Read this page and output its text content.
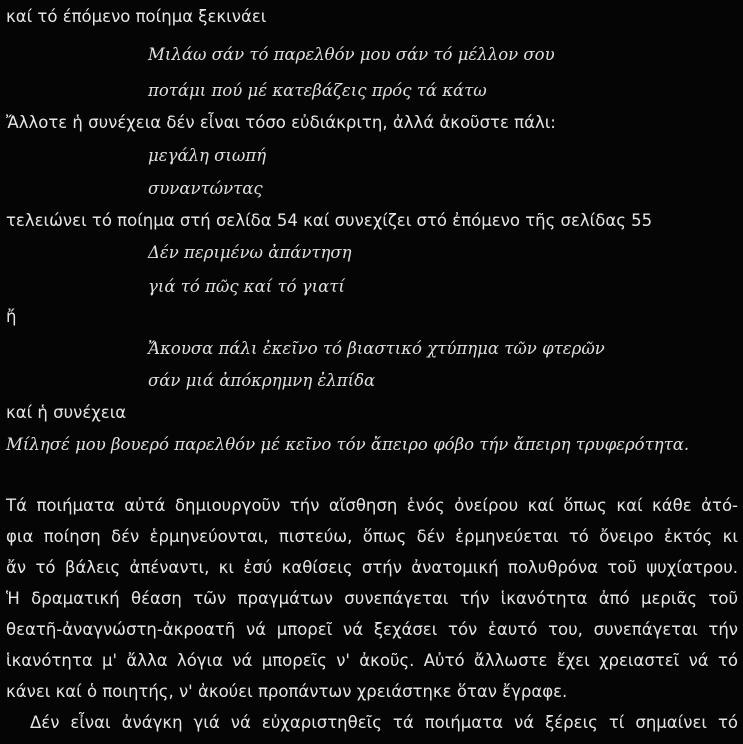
καί τό έπόμενο ποίημα ξεκινάει
Μιλάω σάν τό παρελθόν μου σάν τό μέλλον σου
ποτάμι πού μέ κατεβάζεις πρός τά κάτω
Ἄλλοτε ἡ συνέχεια δέν εἶναι τόσο εὐδιάκριτη, ἀλλά ἀκοῦστε πάλι:
μεγάλη σιωπή
συναντώντας
τελειώνει τό ποίημα στή σελίδα 54 καί συνεχίζει στό ἐπόμενο τῆς σελίδας 55
Δέν περιμένω ἀπάντηση
γιά τό πῶς καί τό γιατί
ἤ
Ἄκουσα πάλι ἐκεῖνο τό βιαστικό χτύπημα τῶν φτερῶν
σάν μιά ἀπόκρημνη ἐλπίδα
καί ἡ συνέχεια
Μίλησέ μου βουερό παρελθόν μέ κεῖνο τόν ἄπειρο φόβο τήν ἄπειρη τρυφερότητα.
Τά ποιήματα αὐτά δημιουργοῦν τήν αἴσθηση ἑνός ὀνείρου καί ὅπως καί κάθε ἀτό-
φια ποίηση δέν ἑρμηνεύονται, πιστεύω, ὅπως δέν ἑρμηνεύεται τό ὄνειρο ἐκτός κι
ἄν τό βάλεις ἀπέναντι, κι ἐσύ καθίσεις στήν ἀνατομική πολυθρόνα τοῦ ψυχίατρου.
Ἡ δραματική θέαση τῶν πραγμάτων συνεπάγεται τήν ἱκανότητα ἀπό μεριᾶς τοῦ
θεατῆ-ἀναγνώστη-ἀκροατῆ νά μπορεῖ νά ξεχάσει τόν ἑαυτό του, συνεπάγεται τήν
ἱκανότητα μ' ἄλλα λόγια νά μπορεῖς ν' ἀκοῦς. Αὐτό ἄλλωστε ἔχει χρειαστεῖ νά τό
κάνει καί ὁ ποιητής, ν' ἀκούει προπάντων χρειάστηκε ὅταν ἔγραφε.
Δέν εἶναι ἀνάγκη γιά νά εὐχαριστηθεῖς τά ποιήματα νά ξέρεις τί σημαίνει τό
